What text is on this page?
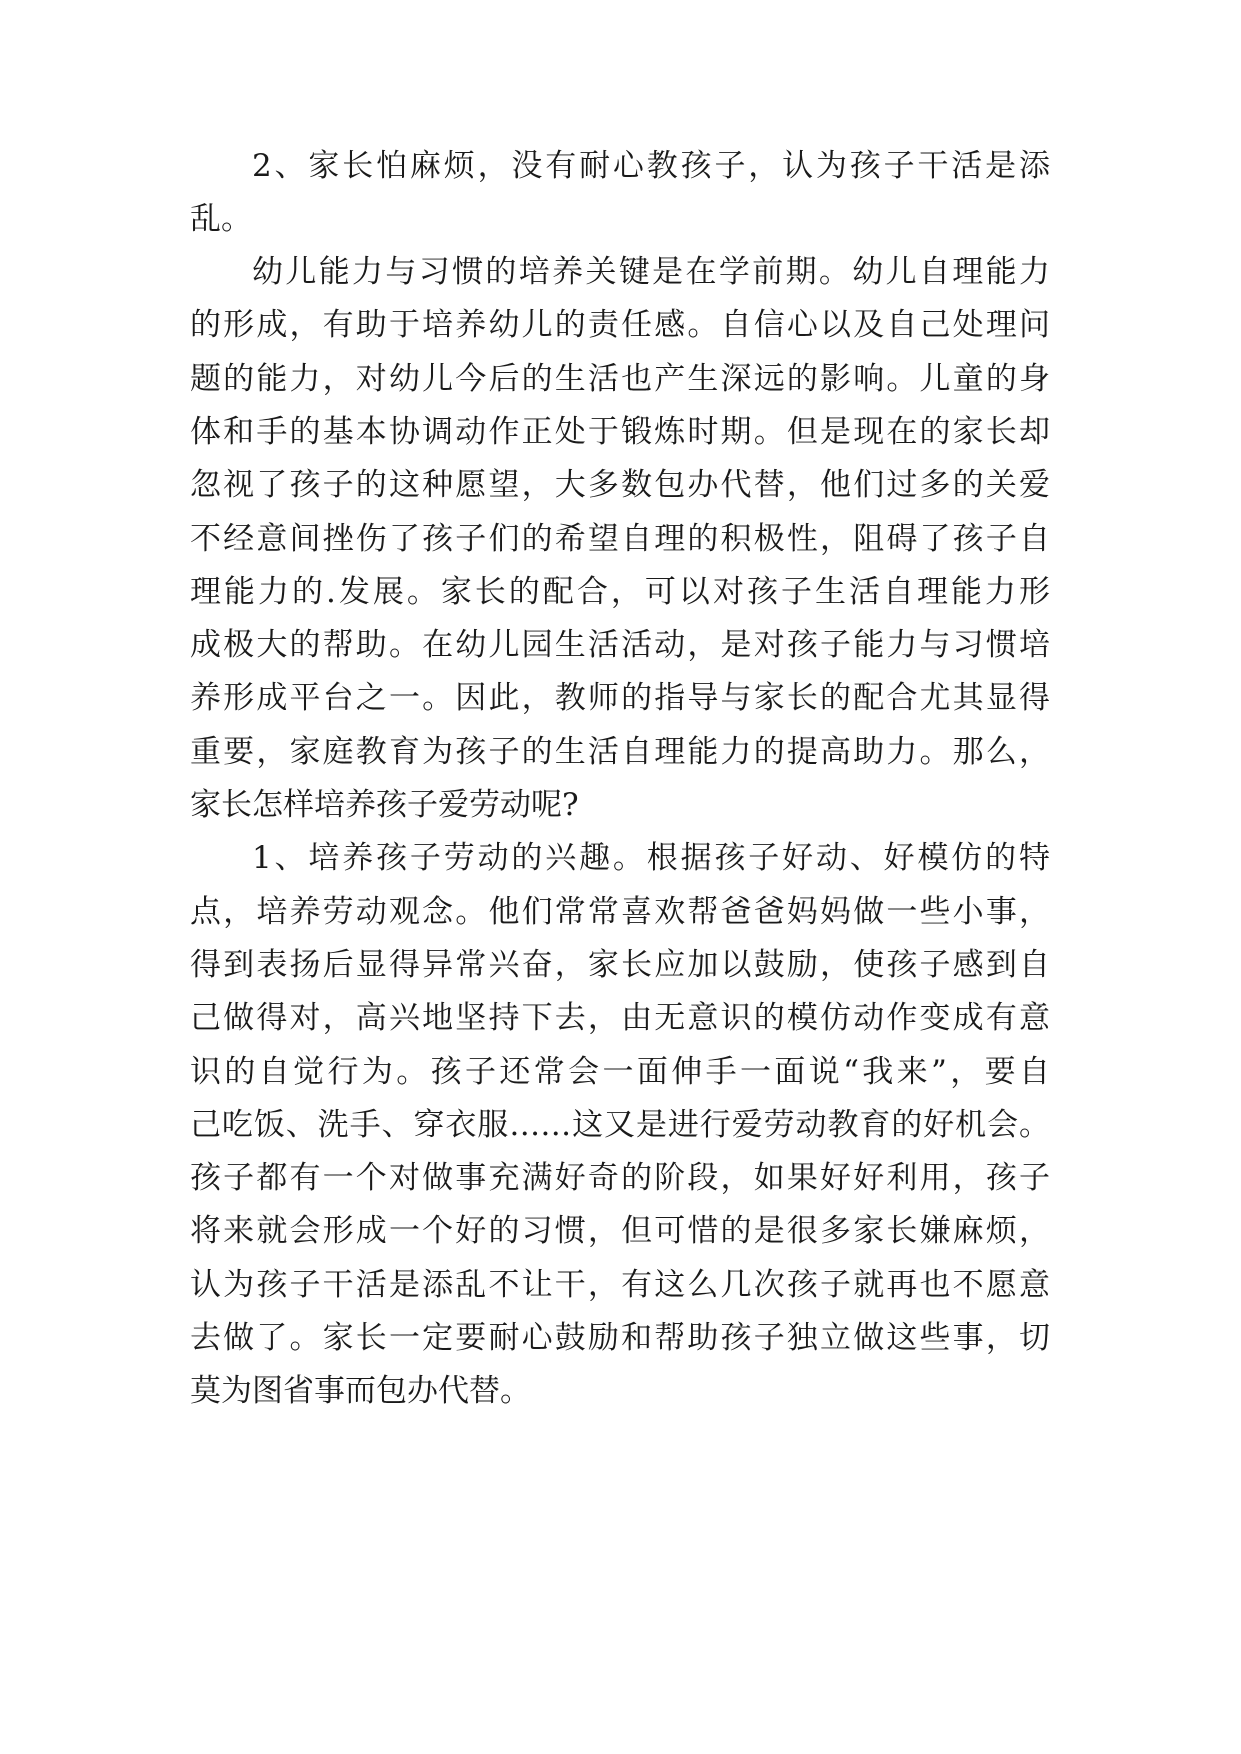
2、家长怕麻烦，没有耐心教孩子，认为孩子干活是添
乱。
幼儿能力与习惯的培养关键是在学前期。幼儿自理能力
的形成，有助于培养幼儿的责任感。自信心以及自己处理问
题的能力，对幼儿今后的生活也产生深远的影响。儿童的身
体和手的基本协调动作正处于锻炼时期。但是现在的家长却
忽视了孩子的这种愿望，大多数包办代替，他们过多的关爱
不经意间挫伤了孩子们的希望自理的积极性，阻碍了孩子自
理能力的.发展。家长的配合，可以对孩子生活自理能力形
成极大的帮助。在幼儿园生活活动，是对孩子能力与习惯培
养形成平台之一。因此，教师的指导与家长的配合尤其显得
重要，家庭教育为孩子的生活自理能力的提高助力。那么，
家长怎样培养孩子爱劳动呢?
1、培养孩子劳动的兴趣。根据孩子好动、好模仿的特
点，培养劳动观念。他们常常喜欢帮爸爸妈妈做一些小事，
得到表扬后显得异常兴奋，家长应加以鼓励，使孩子感到自
己做得对，高兴地坚持下去，由无意识的模仿动作变成有意
识的自觉行为。孩子还常会一面伸手一面说“我来”，要自
己吃饭、洗手、穿衣服……这又是进行爱劳动教育的好机会。
孩子都有一个对做事充满好奇的阶段，如果好好利用，孩子
将来就会形成一个好的习惯，但可惜的是很多家长嫌麻烦，
认为孩子干活是添乱不让干，有这么几次孩子就再也不愿意
去做了。家长一定要耐心鼓励和帮助孩子独立做这些事，切
莫为图省事而包办代替。
